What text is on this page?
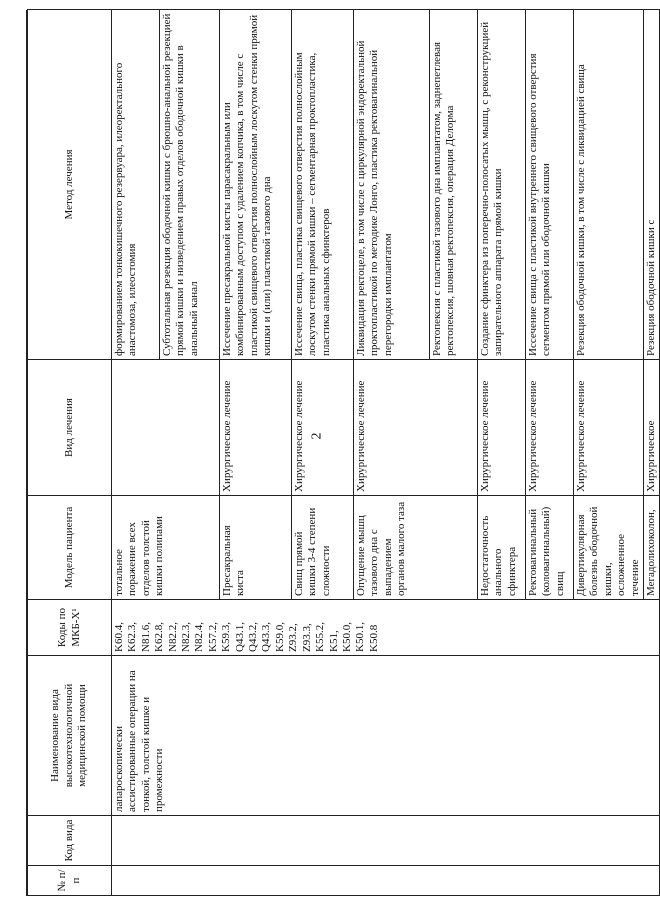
2
№ п/п	Код вида	Наименование вида высокотехнологичной медицинской помощи	Коды по МКБ-X¹	Модель пациента	Вид лечения	Метод лечения
		лапароскопически ассистированные операции на тонкой, толстой кишке и промежности	K60.4, K62.3, N81.6, K62.8, N82.2, N82.3, N82.4, K57.2, K59.3, Q43.1, Q43.2, Q43.3, K59.0, Z93.2, Z93.3, K55.2, K51, K50.0, K50.1, K50.8	тотальное поражение всех отделов толстой кишки полипами		формированием тонкокишечного резервуара, илеоректального анастомоза, илеостомия
						Субтотальная резекция ободочной кишки с брюшно-анальной резекцией прямой кишки и низведением правых отделов ободочной кишки в анальный канал
				Пресакральная киста	Хирургическое лечение	Иссечение пресакральной кисты парасакральным или комбинированным доступом с удалением копчика, в том числе с пластикой свищевого отверстия полнослойным лоскутом стенки прямой кишки и (или) пластикой тазового дна
				Свищ прямой кишки 3-4 степени сложности	Хирургическое лечение	Иссечение свища, пластика свищевого отверстия полнослойным лоскутом стенки прямой кишки – сегментарная проктопластика, пластика анальных сфинктеров
				Опущение мышц тазового дна с выпадением органов малого таза	Хирургическое лечение	Ликвидация ректоцеле, в том числе с циркулярной эндоректальной проктопластикой по методике Лонго, пластика ректовагинальной перегородки имплантатом
						Ректопексия с пластикой тазового дна имплантатом, заднепетлевая ректопексия, шовная ректопексия, операция Делорма
				Недостаточность анального сфинктера	Хирургическое лечение	Создание сфинктера из поперечно-полосатых мышц, с реконструкцией запирательного аппарата прямой кишки
				Ректовагинальный (коловагинальный) свищ	Хирургическое лечение	Иссечение свища с пластикой внутреннего свищевого отверстия сегментом прямой или ободочной кишки
				Дивертикулярная болезнь ободочной кишки, осложненное течение	Хирургическое лечение	Резекция ободочной кишки, в том числе с ликвидацией свища
				Мегадолихоколон,	Хирургическое	Резекция ободочной кишки с
